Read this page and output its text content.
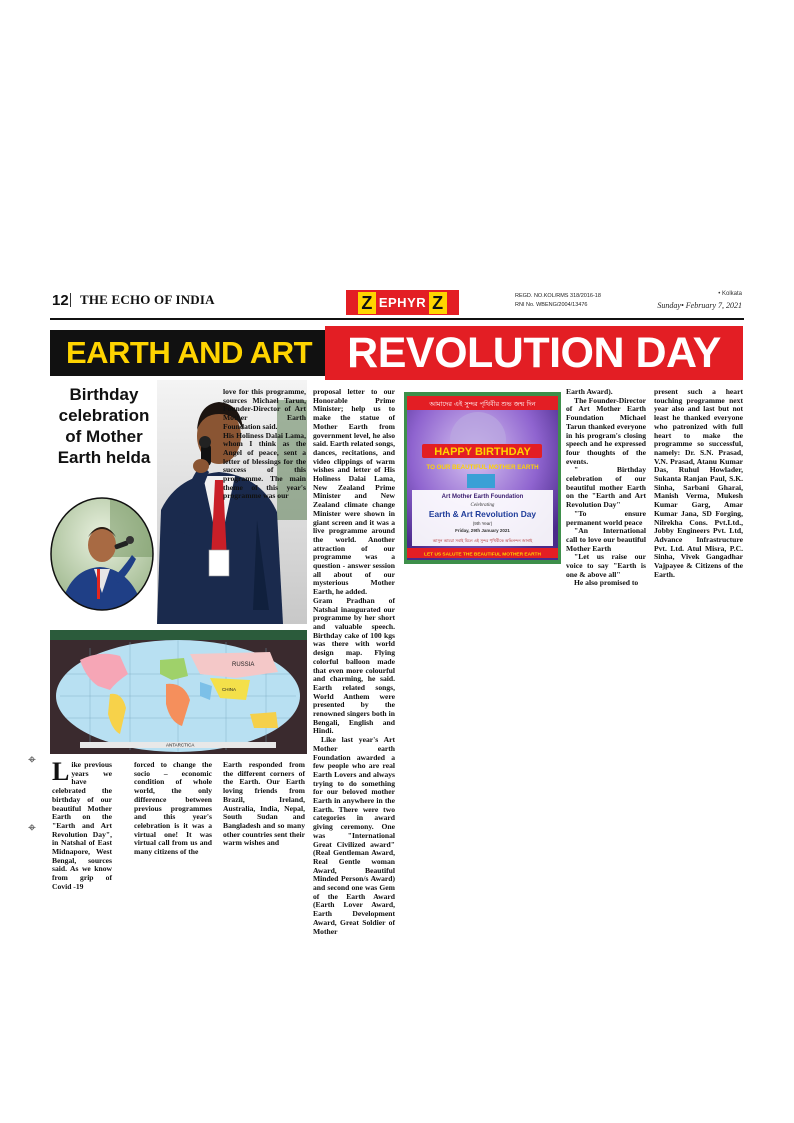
12 THE ECHO OF INDIA	Z EPHYR Z	REGD. NO.KOL/RMS 318/2016-18
RNI No. WBENG/2004/13476
• Kolkata
Sunday• February 7, 2021
EARTH AND ART REVOLUTION DAY
Birthday celebration of Mother Earth helda
RUSSIA
CHINA
ANTARCTICA
আমাদের এই সুন্দর পৃথিবীর শুভ জন্ম দিন
HAPPY BIRTHDAY
TO OUR BEAUTIFUL MOTHER EARTH
Art Mother Earth Foundation
Celebrating
Earth & Art Revolution Day
(9th Year)
Friday, 29th January 2021
আসুন আমরা সবাই মিলে এই সুন্দর পৃথিবীকে অভিনন্দন জানাই
LET US SALUTE THE BEAUTIFUL MOTHER EARTH

love for this programme, sources Michael Tarun, Founder-Director of Art Mother Earth Foundation said.

His Holiness Dalai Lama, whom I think as the Angel of peace, sent a letter of blessings for the success of this programme. The main theme of this year's programme was our

proposal letter to our Honorable Prime Minister; help us to make the statue of Mother Earth from government level, he also said. Earth related songs, dances, recitations, and video clippings of warm wishes and letter of His Holiness Dalai Lama, New Zealand Prime Minister and New Zealand climate change Minister were shown in giant screen and it was a live programme around the world. Another attraction of our programme was a question - answer session all about of our mysterious Mother Earth, he added.

Gram Pradhan of Natshal inaugurated our programme by her short and valuable speech. Birthday cake of 100 kgs was there with world design map. Flying colorful balloon made that even more colourful and charming, he said. Earth related songs, World Anthem were presented by the renowned singers both in Bengali, English and Hindi.

Like last year's Art Mother earth Foundation awarded a few people who are real Earth Lovers and always trying to do something for our beloved mother Earth in anywhere in the Earth. There were two categories in award giving ceremony. One was "International Great Civilized award" (Real Gentleman Award, Real Gentle woman Award, Beautiful Minded Person/s Award) and second one was Gem of the Earth Award (Earth Lover Award, Earth Development Award, Great Soldier of Mother

Earth Award).

The Founder-Director of Art Mother Earth Foundation Michael Tarun thanked everyone in his program's closing speech and he expressed four thoughts of the events.

" Birthday celebration of our beautiful mother Earth on the "Earth and Art Revolution Day"

"To ensure permanent world peace

"An International call to love our beautiful Mother Earth

"Let us raise our voice to say "Earth is one & above all"

He also promised to

present such a heart touching programme next year also and last but not least he thanked everyone who patronized with full heart to make the programme so successful, namely: Dr. S.N. Prasad, V.N. Prasad, Atanu Kumar Das, Ruhul Howlader, Sukanta Ranjan Paul, S.K. Sinha, Sarbani Gharai, Manish Verma, Mukesh Kumar Garg, Amar Kumar Jana, SD Forging, Nilrekha Cons. Pvt.Ltd., Jobby Engineers Pvt. Ltd, Advance Infrastructure Pvt. Ltd. Atul Misra, P.C. Sinha, Vivek Gangadhar Vajpayee & Citizens of the Earth.

L ike previous years we have celebrated the birthday of our beautiful Mother Earth on the "Earth and Art Revolution Day", in Natshal of East Midnapore, West Bengal, sources said. As we know from grip of Covid -19

forced to change the socio – economic condition of whole world, the only difference between previous programmes and this year's celebration is it was a virtual one! It was virtual call from us and many citizens of the

Earth responded from the different corners of the Earth. Our Earth loving friends from Brazil, Ireland, Australia, India, Nepal, South Sudan and Bangladesh and so many other countries sent their warm wishes and

⌖
⌖
